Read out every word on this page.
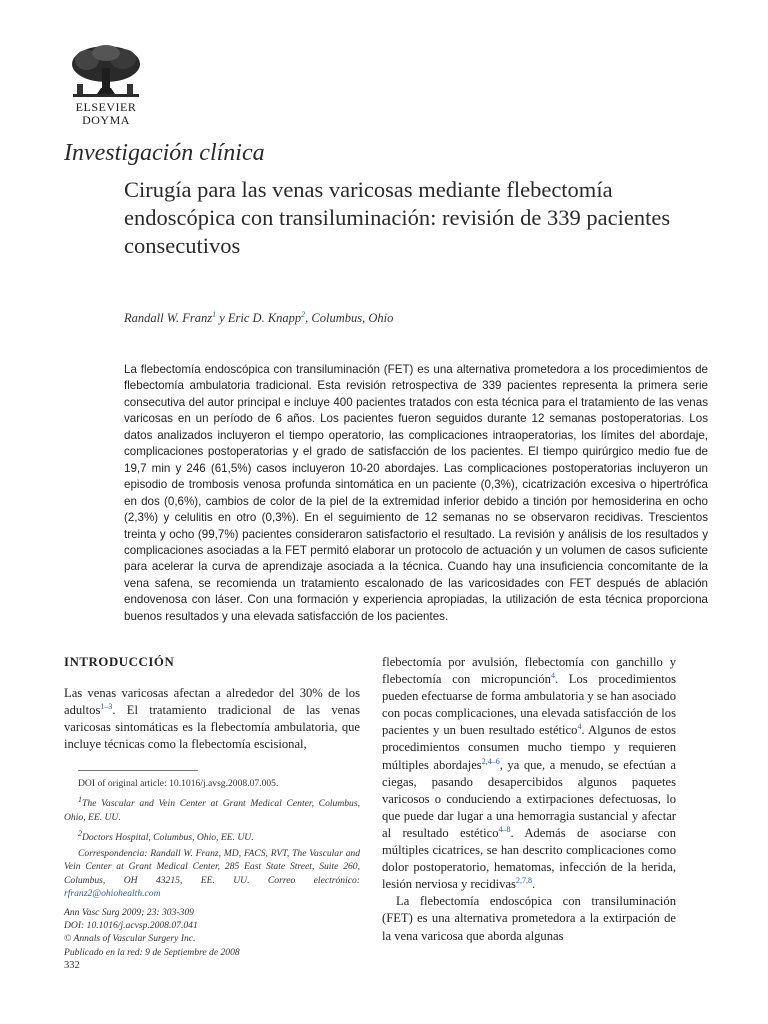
ELSEVIER
DOYMA
Investigación clínica
Cirugía para las venas varicosas mediante flebectomía endoscópica con transiluminación: revisión de 339 pacientes consecutivos
Randall W. Franz$^1$ y Eric D. Knapp$^2$, Columbus, Ohio
La flebectomía endoscópica con transiluminación (FET) es una alternativa prometedora a los procedimientos de flebectomía ambulatoria tradicional. Esta revisión retrospectiva de 339 pacientes representa la primera serie consecutiva del autor principal e incluye 400 pacientes tratados con esta técnica para el tratamiento de las venas varicosas en un período de 6 años. Los pacientes fueron seguidos durante 12 semanas postoperatorias. Los datos analizados incluyeron el tiempo operatorio, las complicaciones intraoperatorias, los límites del abordaje, complicaciones postoperatorias y el grado de satisfacción de los pacientes. El tiempo quirúrgico medio fue de 19,7 min y 246 (61,5%) casos incluyeron 10-20 abordajes. Las complicaciones postoperatorias incluyeron un episodio de trombosis venosa profunda sintomática en un paciente (0,3%), cicatrización excesiva o hipertrófica en dos (0,6%), cambios de color de la piel de la extremidad inferior debido a tinción por hemosiderina en ocho (2,3%) y celulitis en otro (0,3%). En el seguimiento de 12 semanas no se observaron recidivas. Trescientos treinta y ocho (99,7%) pacientes consideraron satisfactorio el resultado. La revisión y análisis de los resultados y complicaciones asociadas a la FET permitó elaborar un protocolo de actuación y un volumen de casos suficiente para acelerar la curva de aprendizaje asociada a la técnica. Cuando hay una insuficiencia concomitante de la vena safena, se recomienda un tratamiento escalonado de las varicosidades con FET después de ablación endovenosa con láser. Con una formación y experiencia apropiadas, la utilización de esta técnica proporciona buenos resultados y una elevada satisfacción de los pacientes.
INTRODUCCIÓN

Las venas varicosas afectan a alrededor del 30% de los adultos$^{1-3}$. El tratamiento tradicional de las venas varicosas sintomáticas es la flebectomía ambulatoria, que incluye técnicas como la flebectomía escisional,

DOI of original article: 10.1016/j.avsg.2008.07.005.

$^1$The Vascular and Vein Center at Grant Medical Center, Columbus, Ohio, EE. UU.

$^2$Doctors Hospital, Columbus, Ohio, EE. UU.

Correspondencia: Randall W. Franz, MD, FACS, RVT, The Vascular and Vein Center at Grant Medical Center, 285 East State Street, Suite 260, Columbus, OH 43215, EE. UU. Correo electrónico: rfranz2@ohiohealth.com

Ann Vasc Surg 2009; 23: 303-309

DOI: 10.1016/j.acvsp.2008.07.041

© Annals of Vascular Surgery Inc.

Publicado en la red: 9 de Septiembre de 2008

flebectomía por avulsión, flebectomía con ganchillo y flebectomía con micropunción$^4$. Los procedimientos pueden efectuarse de forma ambulatoria y se han asociado con pocas complicaciones, una elevada satisfacción de los pacientes y un buen resultado estético$^4$. Algunos de estos procedimientos consumen mucho tiempo y requieren múltiples abordajes$^{2,4-6}$, ya que, a menudo, se efectúan a ciegas, pasando desapercibidos algunos paquetes varicosos o conduciendo a extirpaciones defectuosas, lo que puede dar lugar a una hemorragia sustancial y afectar al resultado estético$^{4-8}$. Además de asociarse con múltiples cicatrices, se han descrito complicaciones como dolor postoperatorio, hematomas, infección de la herida, lesión nerviosa y recidivas$^{2,7,8}$.

La flebectomía endoscópica con transiluminación (FET) es una alternativa prometedora a la extirpación de la vena varicosa que aborda algunas

332
